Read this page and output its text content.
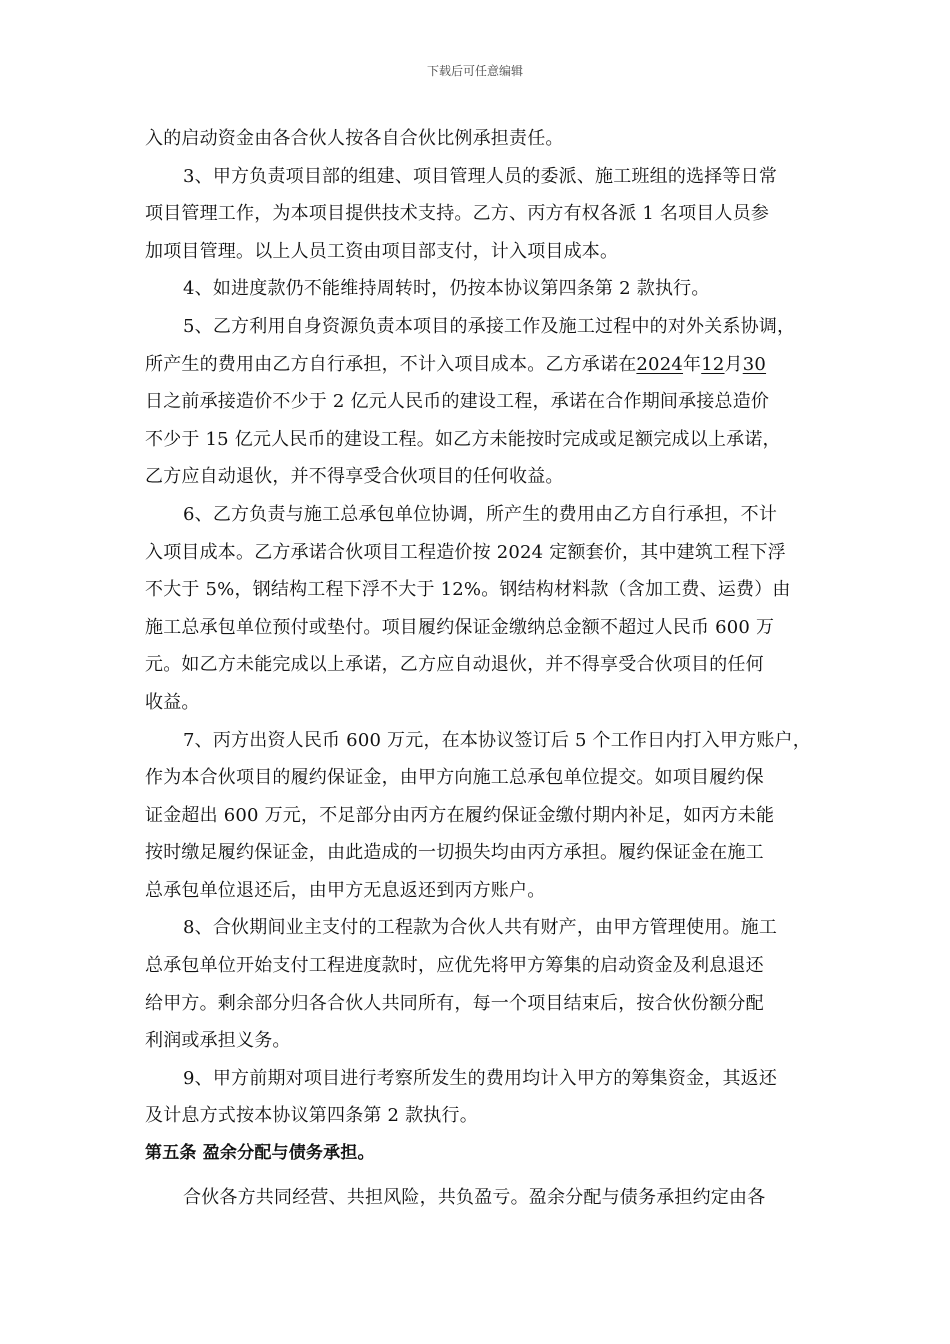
下载后可任意编辑
入的启动资金由各合伙人按各自合伙比例承担责任。
3、甲方负责项目部的组建、项目管理人员的委派、施工班组的选择等日常
项目管理工作，为本项目提供技术支持。乙方、丙方有权各派 1 名项目人员参
加项目管理。以上人员工资由项目部支付，计入项目成本。
4、如进度款仍不能维持周转时，仍按本协议第四条第 2 款执行。
5、乙方利用自身资源负责本项目的承接工作及施工过程中的对外关系协调，
所产生的费用由乙方自行承担，不计入项目成本。乙方承诺在2024年12月30
日之前承接造价不少于 2 亿元人民币的建设工程，承诺在合作期间承接总造价
不少于 15 亿元人民币的建设工程。如乙方未能按时完成或足额完成以上承诺，
乙方应自动退伙，并不得享受合伙项目的任何收益。
6、乙方负责与施工总承包单位协调，所产生的费用由乙方自行承担，不计
入项目成本。乙方承诺合伙项目工程造价按 2024 定额套价，其中建筑工程下浮
不大于 5%，钢结构工程下浮不大于 12%。钢结构材料款（含加工费、运费）由
施工总承包单位预付或垫付。项目履约保证金缴纳总金额不超过人民币 600 万
元。如乙方未能完成以上承诺，乙方应自动退伙，并不得享受合伙项目的任何
收益。
7、丙方出资人民币 600 万元，在本协议签订后 5 个工作日内打入甲方账户，
作为本合伙项目的履约保证金，由甲方向施工总承包单位提交。如项目履约保
证金超出 600 万元，不足部分由丙方在履约保证金缴付期内补足，如丙方未能
按时缴足履约保证金，由此造成的一切损失均由丙方承担。履约保证金在施工
总承包单位退还后，由甲方无息返还到丙方账户。
8、合伙期间业主支付的工程款为合伙人共有财产，由甲方管理使用。施工
总承包单位开始支付工程进度款时，应优先将甲方筹集的启动资金及利息退还
给甲方。剩余部分归各合伙人共同所有，每一个项目结束后，按合伙份额分配
利润或承担义务。
9、甲方前期对项目进行考察所发生的费用均计入甲方的筹集资金，其返还
及计息方式按本协议第四条第 2 款执行。
第五条 盈余分配与债务承担。
合伙各方共同经营、共担风险，共负盈亏。盈余分配与债务承担约定由各
